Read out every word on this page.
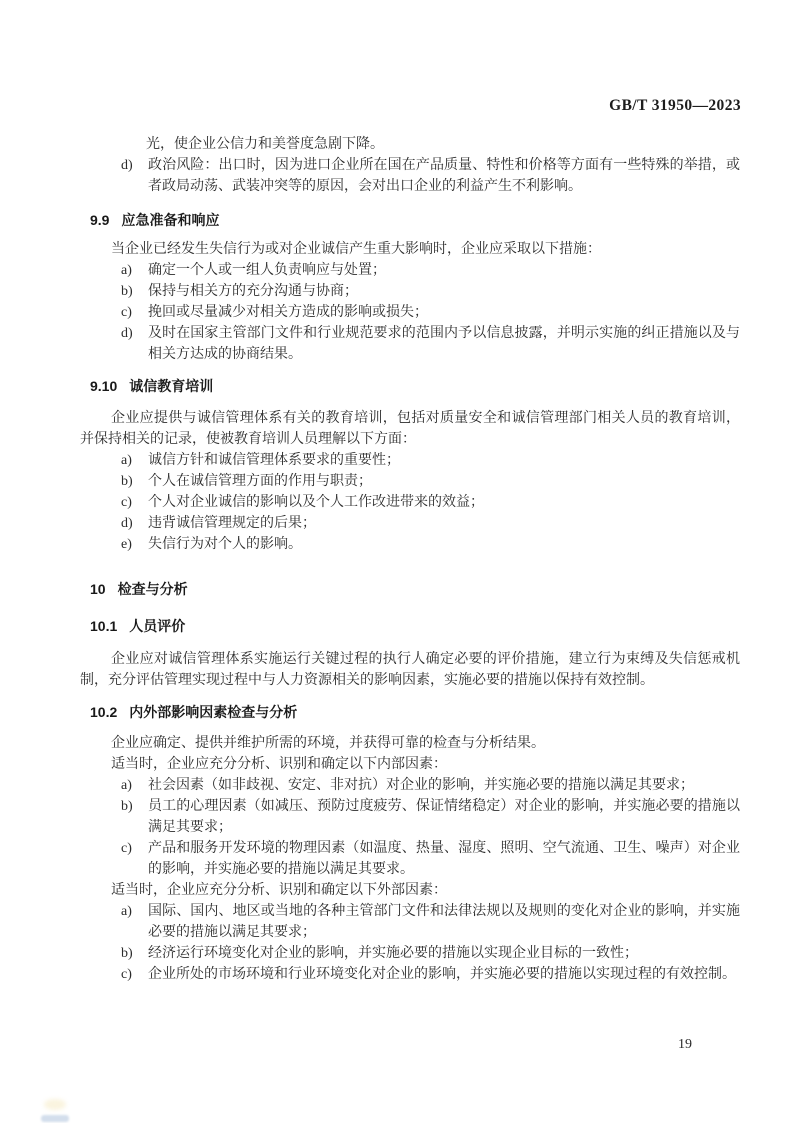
GB/T 31950—2023
光，使企业公信力和美誉度急剧下降。
d)	政治风险：出口时，因为进口企业所在国在产品质量、特性和价格等方面有一些特殊的举措，或者政局动荡、武装冲突等的原因，会对出口企业的利益产生不利影响。
9.9 应急准备和响应
当企业已经发生失信行为或对企业诚信产生重大影响时，企业应采取以下措施：
a)	确定一个人或一组人负责响应与处置；
b)	保持与相关方的充分沟通与协商；
c)	挽回或尽量减少对相关方造成的影响或损失；
d)	及时在国家主管部门文件和行业规范要求的范围内予以信息披露，并明示实施的纠正措施以及与相关方达成的协商结果。
9.10 诚信教育培训
企业应提供与诚信管理体系有关的教育培训，包括对质量安全和诚信管理部门相关人员的教育培训，并保持相关的记录，使被教育培训人员理解以下方面：
a)	诚信方针和诚信管理体系要求的重要性；
b)	个人在诚信管理方面的作用与职责；
c)	个人对企业诚信的影响以及个人工作改进带来的效益；
d)	违背诚信管理规定的后果；
e)	失信行为对个人的影响。
10 检查与分析
10.1 人员评价
企业应对诚信管理体系实施运行关键过程的执行人确定必要的评价措施，建立行为束缚及失信惩戒机制，充分评估管理实现过程中与人力资源相关的影响因素，实施必要的措施以保持有效控制。
10.2 内外部影响因素检查与分析
企业应确定、提供并维护所需的环境，并获得可靠的检查与分析结果。
适当时，企业应充分分析、识别和确定以下内部因素：
a)	社会因素（如非歧视、安定、非对抗）对企业的影响，并实施必要的措施以满足其要求；
b)	员工的心理因素（如减压、预防过度疲劳、保证情绪稳定）对企业的影响，并实施必要的措施以满足其要求；
c)	产品和服务开发环境的物理因素（如温度、热量、湿度、照明、空气流通、卫生、噪声）对企业的影响，并实施必要的措施以满足其要求。
适当时，企业应充分分析、识别和确定以下外部因素：
a)	国际、国内、地区或当地的各种主管部门文件和法律法规以及规则的变化对企业的影响，并实施必要的措施以满足其要求；
b)	经济运行环境变化对企业的影响，并实施必要的措施以实现企业目标的一致性；
c)	企业所处的市场环境和行业环境变化对企业的影响，并实施必要的措施以实现过程的有效控制。
19
